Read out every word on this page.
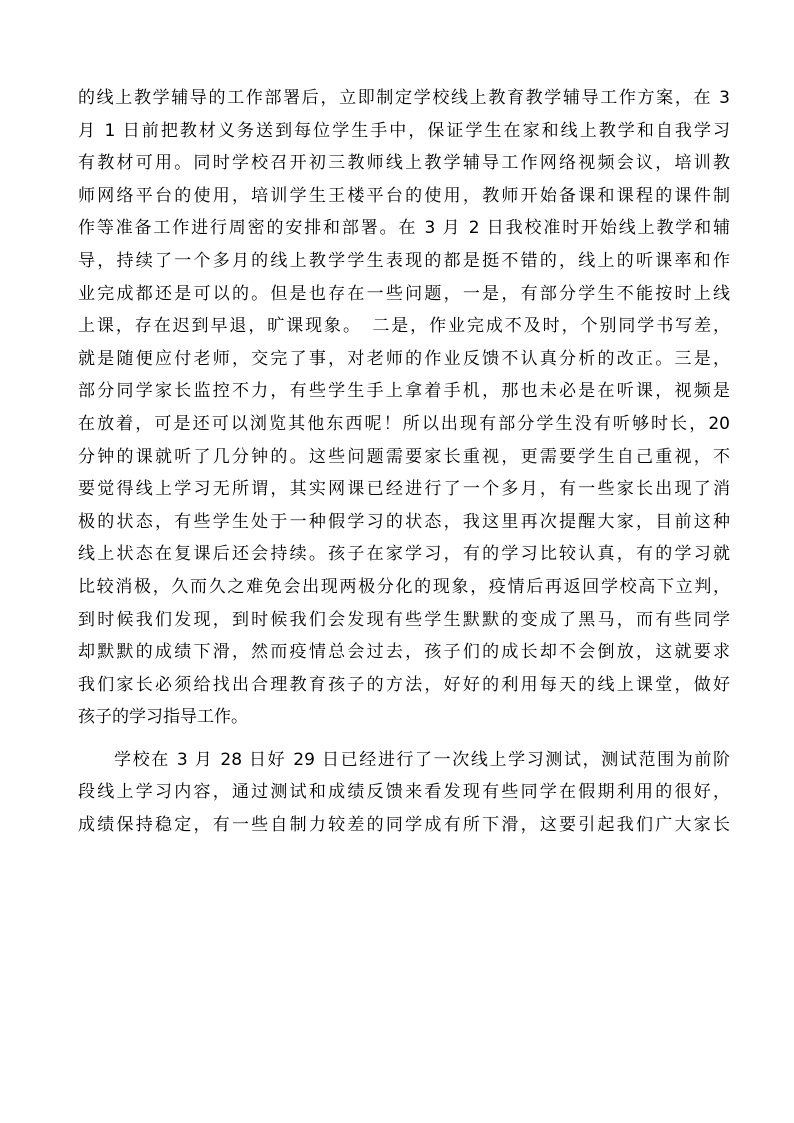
的线上教学辅导的工作部署后，立即制定学校线上教育教学辅导工作方案，在 3
月 1 日前把教材义务送到每位学生手中，保证学生在家和线上教学和自我学习
有教材可用。同时学校召开初三教师线上教学辅导工作网络视频会议，培训教
师网络平台的使用，培训学生王楼平台的使用，教师开始备课和课程的课件制
作等准备工作进行周密的安排和部署。在 3 月 2 日我校准时开始线上教学和辅
导，持续了一个多月的线上教学学生表现的都是挺不错的，线上的听课率和作
业完成都还是可以的。但是也存在一些问题，一是，有部分学生不能按时上线
上课，存在迟到早退，旷课现象。　二是，作业完成不及时，个别同学书写差，
就是随便应付老师，交完了事，对老师的作业反馈不认真分析的改正。三是，
部分同学家长监控不力，有些学生手上拿着手机，那也未必是在听课，视频是
在放着，可是还可以浏览其他东西呢！所以出现有部分学生没有听够时长，20
分钟的课就听了几分钟的。这些问题需要家长重视，更需要学生自己重视，不
要觉得线上学习无所谓，其实网课已经进行了一个多月，有一些家长出现了消
极的状态，有些学生处于一种假学习的状态，我这里再次提醒大家，目前这种
线上状态在复课后还会持续。孩子在家学习，有的学习比较认真，有的学习就
比较消极，久而久之难免会出现两极分化的现象，疫情后再返回学校高下立判，
到时候我们发现，到时候我们会发现有些学生默默的变成了黑马，而有些同学
却默默的成绩下滑，然而疫情总会过去，孩子们的成长却不会倒放，这就要求
我们家长必须给找出合理教育孩子的方法，好好的利用每天的线上课堂，做好
孩子的学习指导工作。
学校在 3 月 28 日好 29 日已经进行了一次线上学习测试，测试范围为前阶
段线上学习内容，通过测试和成绩反馈来看发现有些同学在假期利用的很好，
成绩保持稳定，有一些自制力较差的同学成有所下滑，这要引起我们广大家长
